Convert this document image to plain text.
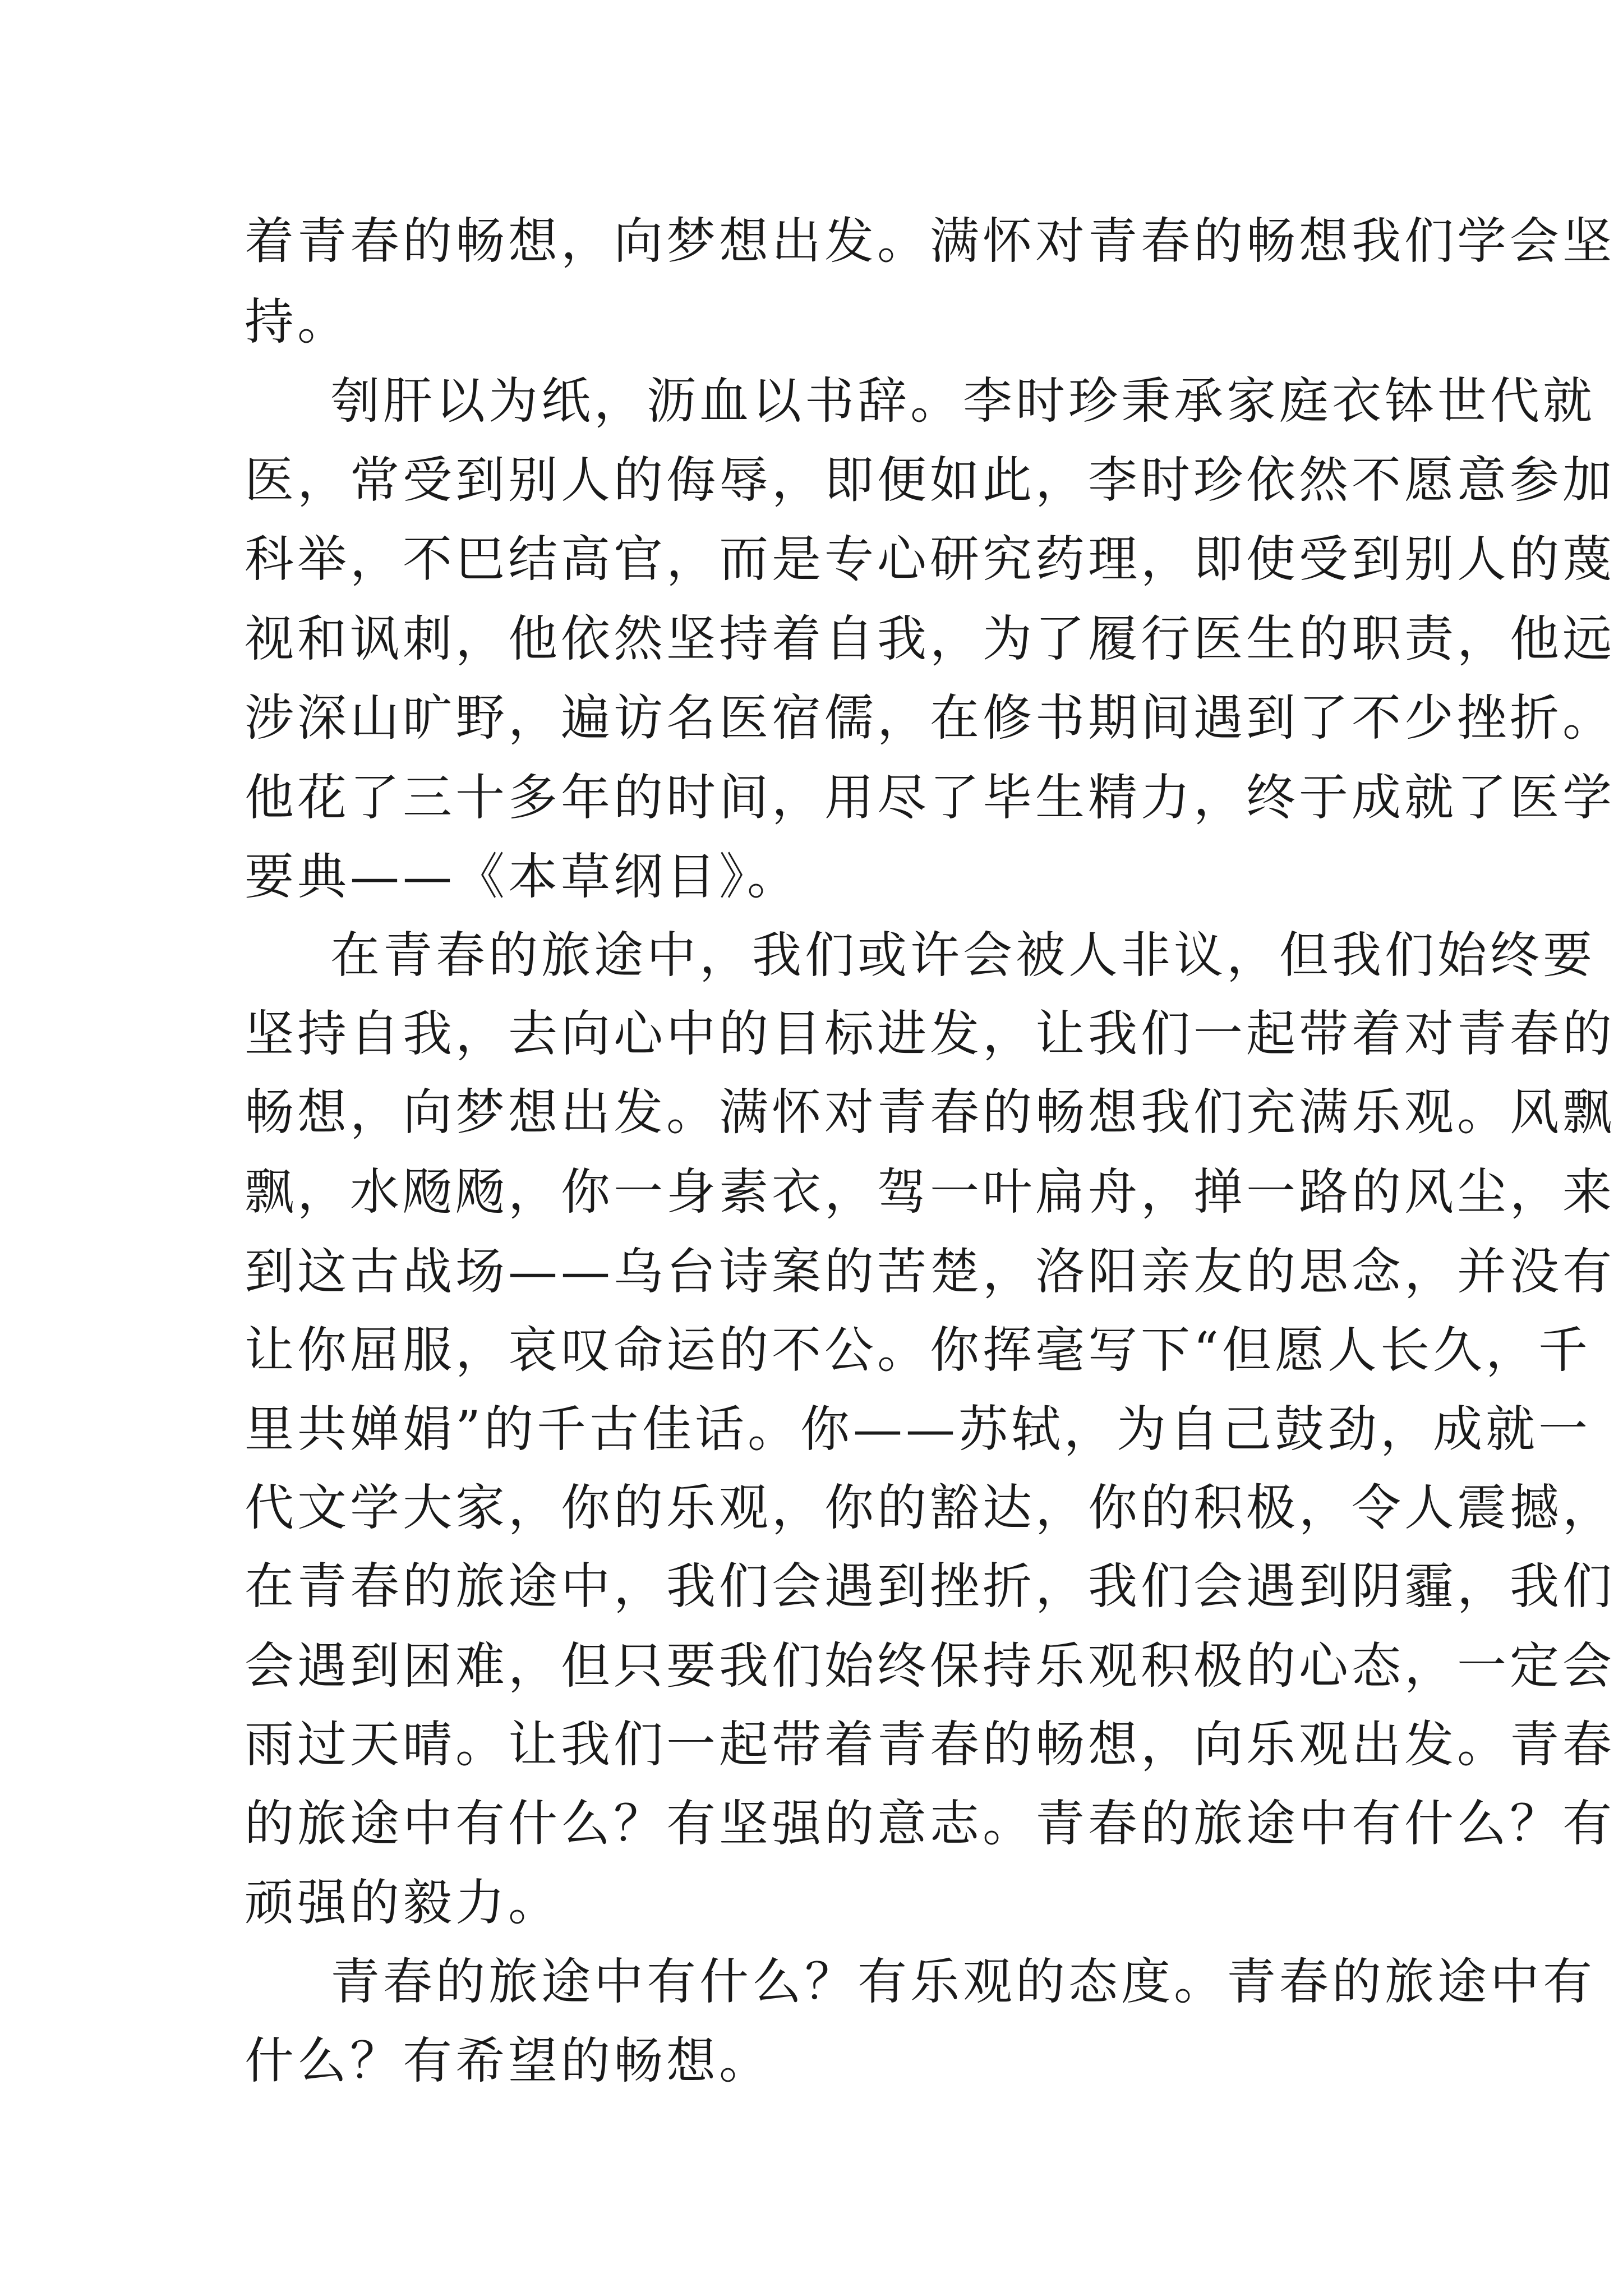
着青春的畅想，向梦想出发。满怀对青春的畅想我们学会坚
持。
刳肝以为纸，沥血以书辞。李时珍秉承家庭衣钵世代就
医，常受到别人的侮辱，即便如此，李时珍依然不愿意参加
科举，不巴结高官，而是专心研究药理，即使受到别人的蔑
视和讽刺，他依然坚持着自我，为了履行医生的职责，他远
涉深山旷野，遍访名医宿儒，在修书期间遇到了不少挫折。
他花了三十多年的时间，用尽了毕生精力，终于成就了医学
要典——《本草纲目》。
在青春的旅途中，我们或许会被人非议，但我们始终要
坚持自我，去向心中的目标进发，让我们一起带着对青春的
畅想，向梦想出发。满怀对青春的畅想我们充满乐观。风飘
飘，水飏飏，你一身素衣，驾一叶扁舟，掸一路的风尘，来
到这古战场——乌台诗案的苦楚，洛阳亲友的思念，并没有
让你屈服，哀叹命运的不公。你挥毫写下“但愿人长久，千
里共婵娟”的千古佳话。你——苏轼，为自己鼓劲，成就一
代文学大家，你的乐观，你的豁达，你的积极，令人震撼，
在青春的旅途中，我们会遇到挫折，我们会遇到阴霾，我们
会遇到困难，但只要我们始终保持乐观积极的心态，一定会
雨过天晴。让我们一起带着青春的畅想，向乐观出发。青春
的旅途中有什么？有坚强的意志。青春的旅途中有什么？有
顽强的毅力。
青春的旅途中有什么？有乐观的态度。青春的旅途中有
什么？有希望的畅想。
